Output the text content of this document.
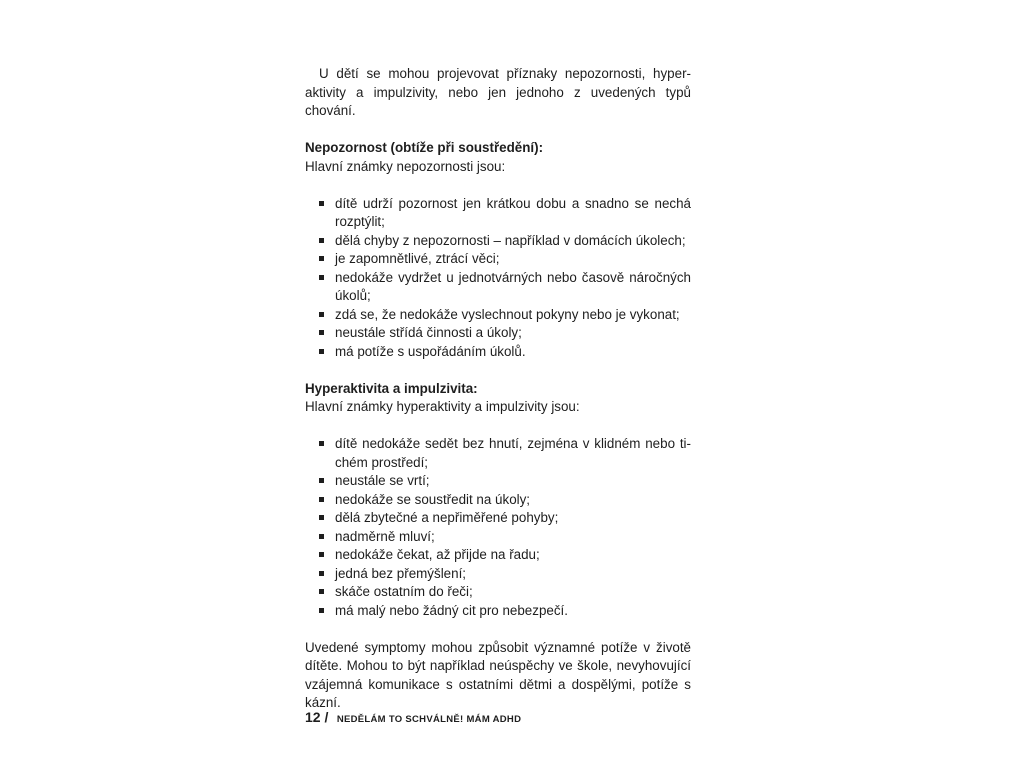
U dětí se mohou projevovat příznaky nepozornosti, hyperaktivity a impulzivity, nebo jen jednoho z uvedených typů chování.

Nepozornost (obtíže při soustředění):

Hlavní známky nepozornosti jsou:

dítě udrží pozornost jen krátkou dobu a snadno se nechá rozptýlit;
dělá chyby z nepozornosti – například v domácích úkolech;
je zapomnětlivé, ztrácí věci;
nedokáže vydržet u jednotvárných nebo časově náročných úkolů;
zdá se, že nedokáže vyslechnout pokyny nebo je vykonat;
neustále střídá činnosti a úkoly;
má potíže s uspořádáním úkolů.

Hyperaktivita a impulzivita:

Hlavní známky hyperaktivity a impulzivity jsou:

dítě nedokáže sedět bez hnutí, zejména v klidném nebo tichém prostředí;
neustále se vrtí;
nedokáže se soustředit na úkoly;
dělá zbytečné a nepřiměřené pohyby;
nadměrně mluví;
nedokáže čekat, až přijde na řadu;
jedná bez přemýšlení;
skáče ostatním do řeči;
má malý nebo žádný cit pro nebezpečí.

Uvedené symptomy mohou způsobit významné potíže v životě dítěte. Mohou to být například neúspěchy ve škole, nevyhovující vzájemná komunikace s ostatními dětmi a dospělými, potíže s kázní.

12 / NEDĚLÁM TO SCHVÁLNĚ! MÁM ADHD
